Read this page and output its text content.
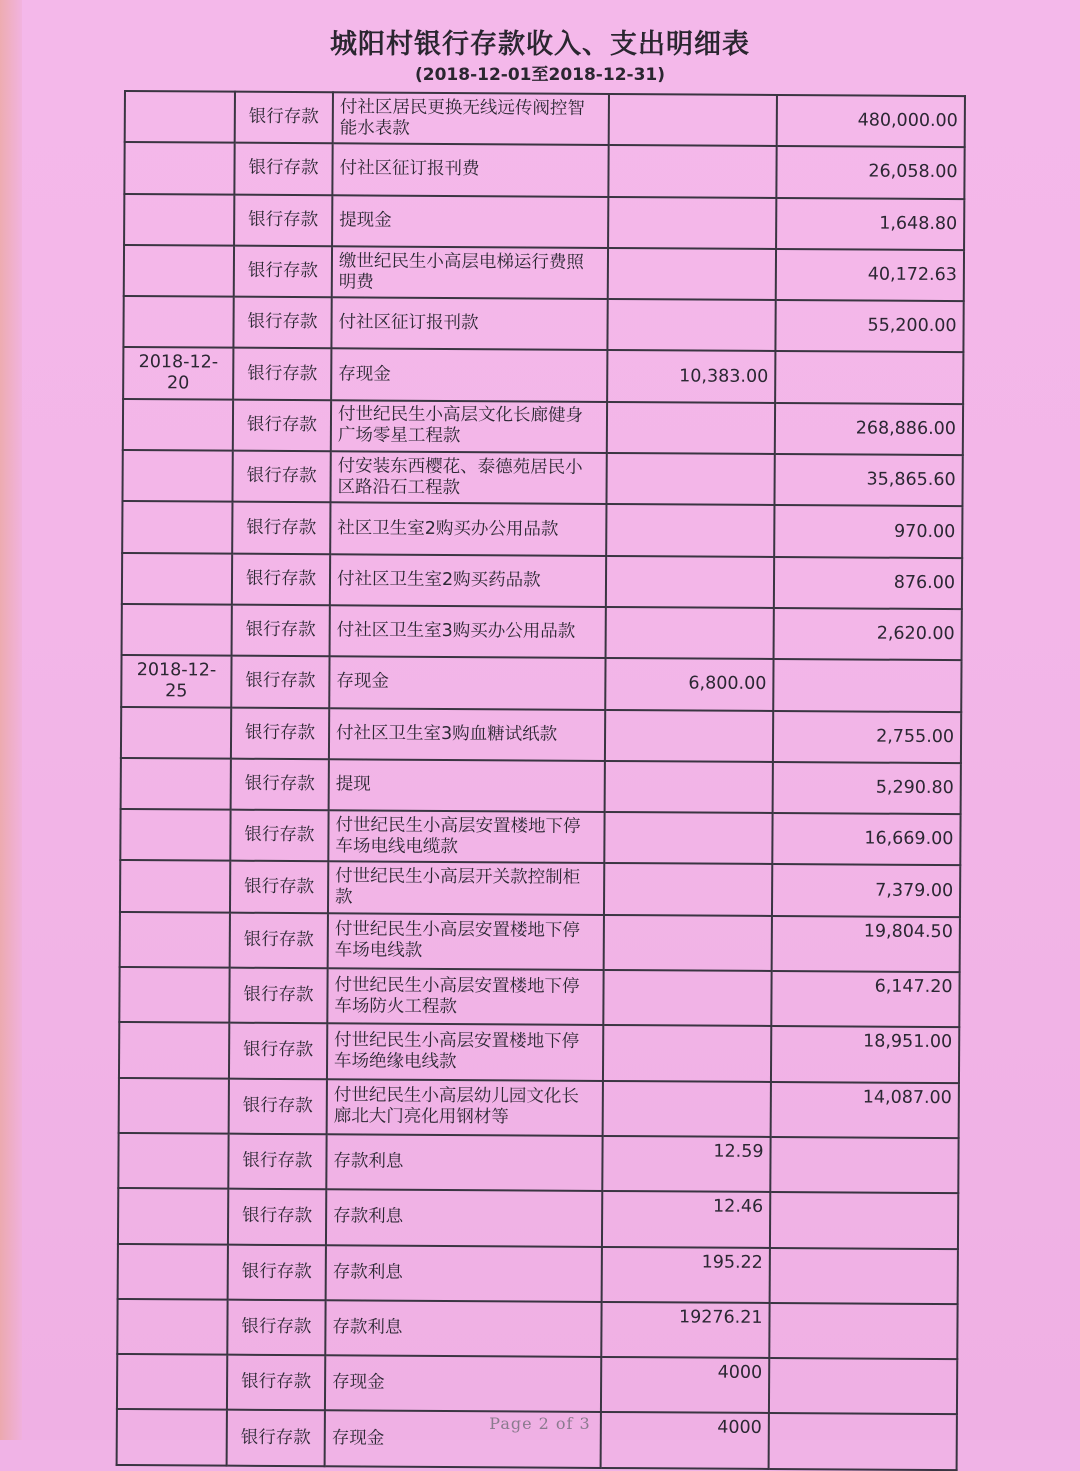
城阳村银行存款收入、支出明细表
(2018-12-01至2018-12-31)
	银行存款	付社区居民更换无线远传阀控智能水表款		480,000.00
	银行存款	付社区征订报刊费		26,058.00
	银行存款	提现金		1,648.80
	银行存款	缴世纪民生小高层电梯运行费照明费		40,172.63
	银行存款	付社区征订报刊款		55,200.00
2018-12-20	银行存款	存现金	10,383.00	
	银行存款	付世纪民生小高层文化长廊健身广场零星工程款		268,886.00
	银行存款	付安装东西樱花、泰德苑居民小区路沿石工程款		35,865.60
	银行存款	社区卫生室2购买办公用品款		970.00
	银行存款	付社区卫生室2购买药品款		876.00
	银行存款	付社区卫生室3购买办公用品款		2,620.00
2018-12-25	银行存款	存现金	6,800.00	
	银行存款	付社区卫生室3购血糖试纸款		2,755.00
	银行存款	提现		5,290.80
	银行存款	付世纪民生小高层安置楼地下停车场电线电缆款		16,669.00
	银行存款	付世纪民生小高层开关款控制柜款		7,379.00
	银行存款	付世纪民生小高层安置楼地下停车场电线款		19,804.50
	银行存款	付世纪民生小高层安置楼地下停车场防火工程款		6,147.20
	银行存款	付世纪民生小高层安置楼地下停车场绝缘电线款		18,951.00
	银行存款	付世纪民生小高层幼儿园文化长廊北大门亮化用钢材等		14,087.00
	银行存款	存款利息	12.59	
	银行存款	存款利息	12.46	
	银行存款	存款利息	195.22	
	银行存款	存款利息	19276.21	
	银行存款	存现金	4000	
	银行存款	存现金	4000	
Page 2 of 3
